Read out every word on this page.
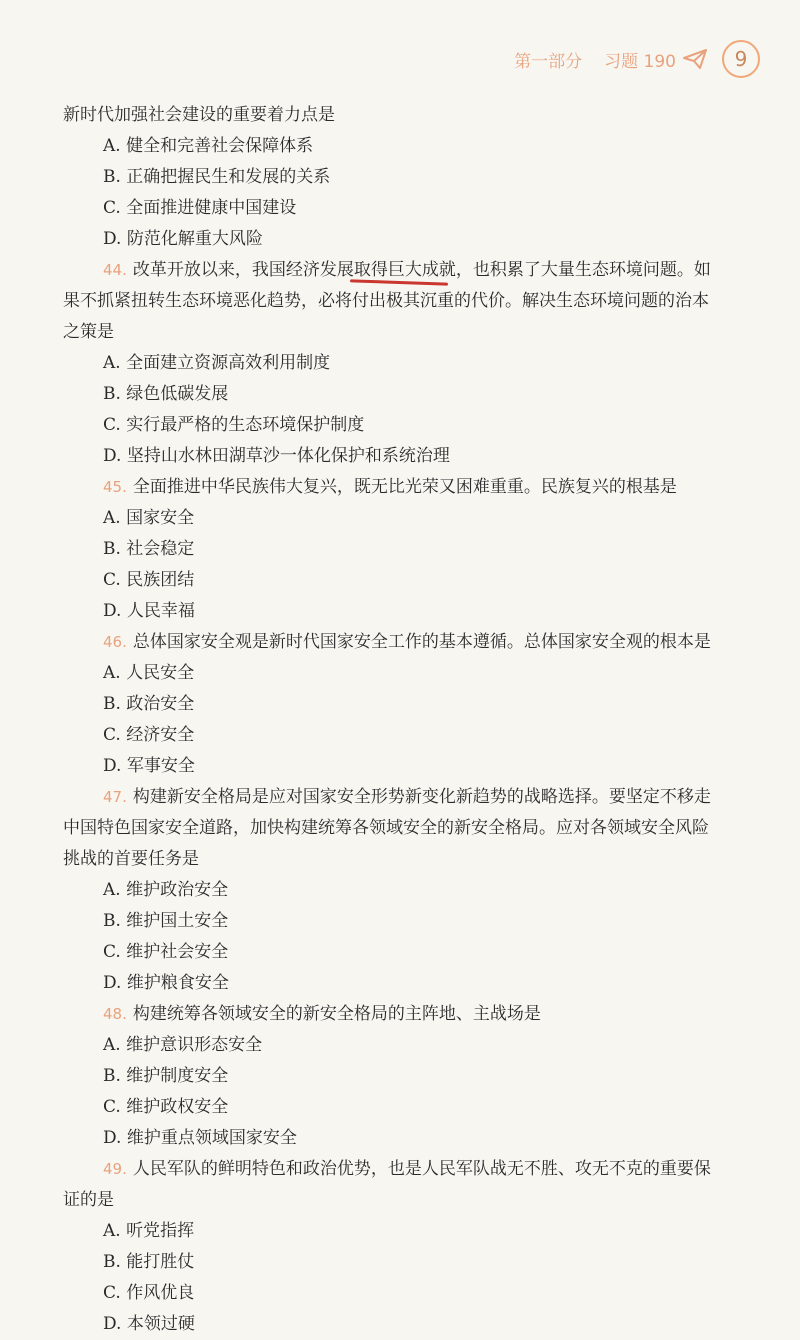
第一部分 习题 190	9

新时代加强社会建设的重要着力点是

A. 健全和完善社会保障体系
B. 正确把握民生和发展的关系
C. 全面推进健康中国建设
D. 防范化解重大风险

44. 改革开放以来，我国经济发展取得巨大成就，也积累了大量生态环境问题。如果不抓紧扭转生态环境恶化趋势，必将付出极其沉重的代价。解决生态环境问题的治本之策是

A. 全面建立资源高效利用制度
B. 绿色低碳发展
C. 实行最严格的生态环境保护制度
D. 坚持山水林田湖草沙一体化保护和系统治理

45. 全面推进中华民族伟大复兴，既无比光荣又困难重重。民族复兴的根基是

A. 国家安全
B. 社会稳定
C. 民族团结
D. 人民幸福

46. 总体国家安全观是新时代国家安全工作的基本遵循。总体国家安全观的根本是

A. 人民安全
B. 政治安全
C. 经济安全
D. 军事安全

47. 构建新安全格局是应对国家安全形势新变化新趋势的战略选择。要坚定不移走中国特色国家安全道路，加快构建统筹各领域安全的新安全格局。应对各领域安全风险挑战的首要任务是

A. 维护政治安全
B. 维护国土安全
C. 维护社会安全
D. 维护粮食安全

48. 构建统筹各领域安全的新安全格局的主阵地、主战场是

A. 维护意识形态安全
B. 维护制度安全
C. 维护政权安全
D. 维护重点领域国家安全

49. 人民军队的鲜明特色和政治优势，也是人民军队战无不胜、攻无不克的重要保证的是

A. 听党指挥
B. 能打胜仗
C. 作风优良
D. 本领过硬
